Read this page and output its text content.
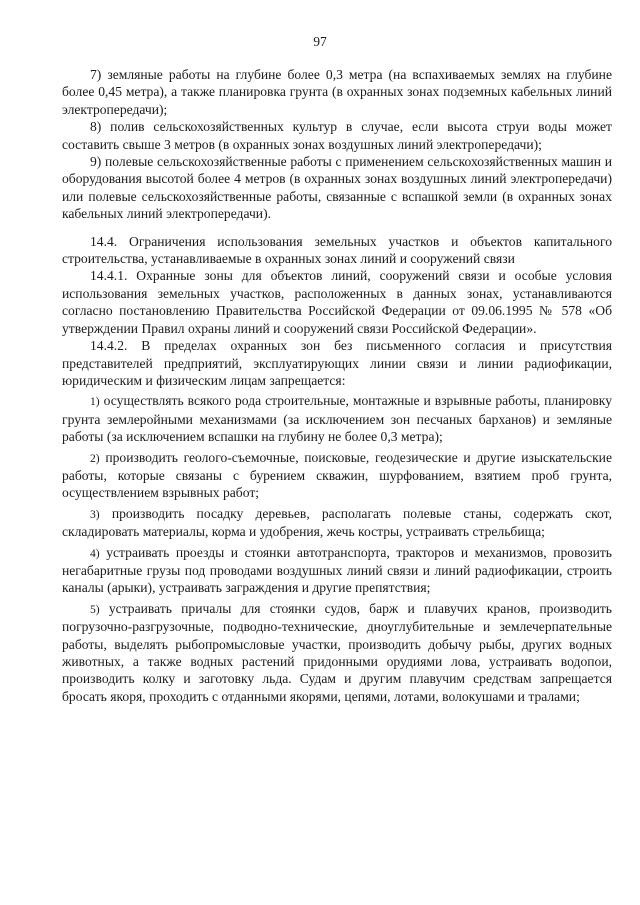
97

7) земляные работы на глубине более 0,3 метра (на вспахиваемых землях на глубине более 0,45 метра), а также планировка грунта (в охранных зонах подземных кабельных линий электропередачи);

8) полив сельскохозяйственных культур в случае, если высота струи воды может составить свыше 3 метров (в охранных зонах воздушных линий электропередачи);

9) полевые сельскохозяйственные работы с применением сельскохозяйственных машин и оборудования высотой более 4 метров (в охранных зонах воздушных линий электропередачи) или полевые сельскохозяйственные работы, связанные с вспашкой земли (в охранных зонах кабельных линий электропередачи).

14.4. Ограничения использования земельных участков и объектов капитального строительства, устанавливаемые в охранных зонах линий и сооружений связи

14.4.1. Охранные зоны для объектов линий, сооружений связи и особые условия использования земельных участков, расположенных в данных зонах, устанавливаются согласно постановлению Правительства Российской Федерации от 09.06.1995 № 578 «Об утверждении Правил охраны линий и сооружений связи Российской Федерации».

14.4.2. В пределах охранных зон без письменного согласия и присутствия представителей предприятий, эксплуатирующих линии связи и линии радиофикации, юридическим и физическим лицам запрещается:

1) осуществлять всякого рода строительные, монтажные и взрывные работы, планировку грунта землеройными механизмами (за исключением зон песчаных барханов) и земляные работы (за исключением вспашки на глубину не более 0,3 метра);

2) производить геолого-съемочные, поисковые, геодезические и другие изыскательские работы, которые связаны с бурением скважин, шурфованием, взятием проб грунта, осуществлением взрывных работ;

3) производить посадку деревьев, располагать полевые станы, содержать скот, складировать материалы, корма и удобрения, жечь костры, устраивать стрельбища;

4) устраивать проезды и стоянки автотранспорта, тракторов и механизмов, провозить негабаритные грузы под проводами воздушных линий связи и линий радиофикации, строить каналы (арыки), устраивать заграждения и другие препятствия;

5) устраивать причалы для стоянки судов, барж и плавучих кранов, производить погрузочно-разгрузочные, подводно-технические, дноуглубительные и землечерпательные работы, выделять рыбопромысловые участки, производить добычу рыбы, других водных животных, а также водных растений придонными орудиями лова, устраивать водопои, производить колку и заготовку льда. Судам и другим плавучим средствам запрещается бросать якоря, проходить с отданными якорями, цепями, лотами, волокушами и тралами;
